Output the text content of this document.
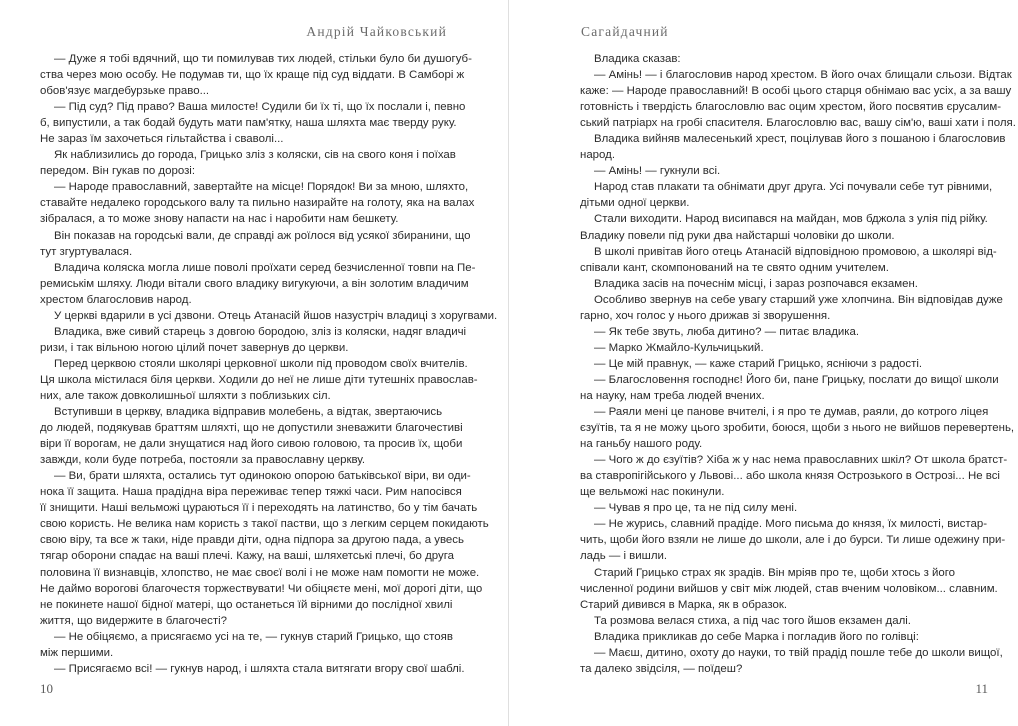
Андрій Чайковський
— Дуже я тобі вдячний, що ти помилував тих людей, стільки було би душогуб-
ства через мою особу. Не подумав ти, що їх краще під суд віддати. В Самборі ж
обов'язує магдебурзьке право...
— Під суд? Під право? Ваша милосте! Судили би їх ті, що їх послали і, певно
б, випустили, а так бодай будуть мати пам'ятку, наша шляхта має тверду руку.
Не зараз їм захочеться гільтайства і сваволі...
Як наблизились до города, Грицько зліз з коляски, сів на свого коня і поїхав
передом. Він гукав по дорозі:
— Народе православний, завертайте на місце! Порядок! Ви за мною, шляхто,
ставайте недалеко городського валу та пильно назирайте на голоту, яка на валах
зібралася, а то може знову напасти на нас і наробити нам бешкету.
Він показав на городські вали, де справді аж роїлося від усякої збиранини, що
тут згуртувалася.
Владича коляска могла лише поволі проїхати серед безчисленної товпи на Пе-
ремиськім шляху. Люди вітали свого владику вигукуючи, а він золотим владичим
хрестом благословив народ.
У церкві вдарили в усі дзвони. Отець Атанасій йшов назустріч владиці з хоругвами.
Владика, вже сивий старець з довгою бородою, зліз із коляски, надяг владичі
ризи, і так вільною ногою цілий почет завернув до церкви.
Перед церквою стояли школярі церковної школи під проводом своїх вчителів.
Ця школа містилася біля церкви. Ходили до неї не лише діти тутешніх православ-
них, але також довколишньої шляхти з поблизьких сіл.
Вступивши в церкву, владика відправив молебень, а відтак, звертаючись
до людей, подякував браттям шляхті, що не допустили зневажити благочестиві
віри її ворогам, не дали знущатися над його сивою головою, та просив їх, щоби
завжди, коли буде потреба, постояли за православну церкву.
— Ви, брати шляхта, остались тут одинокою опорою батьківської віри, ви оди-
нока її защита. Наша прадідна віра переживає тепер тяжкі часи. Рим напосівся
її знищити. Наші вельможі цураються її і переходять на латинство, бо у тім бачать
свою користь. Не велика нам користь з такої пастви, що з легким серцем покидають
свою віру, та все ж таки, ніде правди діти, одна підпора за другою пада, а увесь
тягар оборони спадає на ваші плечі. Кажу, на ваші, шляхетські плечі, бо друга
половина її визнавців, хлопство, не має своєї волі і не може нам помогти не може.
Не даймо ворогові благочестя торжествувати! Чи обіцяєте мені, мої дорогі діти, що
не покинете нашої бідної матері, що останеться їй вірними до послідної хвилі
життя, що видержите в благочесті?
— Не обіцяємо, а присягаємо усі на те, — гукнув старий Грицько, що стояв
між першими.
— Присягаємо всі! — гукнув народ, і шляхта стала витягати вгору свої шаблі.
10
Сагайдачний
Владика сказав:
— Амінь! — і благословив народ хрестом. В його очах блищали сльози. Відтак
каже: — Народе православний! В особі цього старця обнімаю вас усіх, а за вашу
готовність і твердість благословлю вас оцим хрестом, його посвятив єрусалим-
ський патріарх на гробі спасителя. Благословлю вас, вашу сім'ю, ваші хати і поля.
Владика вийняв малесенький хрест, поцілував його з пошаною і благословив
народ.
— Амінь! — гукнули всі.
Народ став плакати та обнімати друг друга. Усі почували себе тут рівними,
дітьми одної церкви.
Стали виходити. Народ висипався на майдан, мов бджола з улія під рійку.
Владику повели під руки два найстарші чоловіки до школи.
В школі привітав його отець Атанасій відповідною промовою, а школярі від-
співали кант, скомпонований на те свято одним учителем.
Владика засів на почеснім місці, і зараз розпочався екзамен.
Особливо звернув на себе увагу старший уже хлопчина. Він відповідав дуже
гарно, хоч голос у нього дрижав зі зворушення.
— Як тебе звуть, люба дитино? — питає владика.
— Марко Жмайло-Кульчицький.
— Це мій правнук, — каже старий Грицько, ясніючи з радості.
— Благословення господнє! Його би, пане Грицьку, послати до вищої школи
на науку, нам треба людей вчених.
— Раяли мені це панове вчителі, і я про те думав, раяли, до котрого ліцея
єзуїтів, та я не можу цього зробити, боюся, щоби з нього не вийшов перевертень,
на ганьбу нашого роду.
— Чого ж до єзуїтів? Хіба ж у нас нема православних шкіл? От школа братст-
ва ставропігійського у Львові... або школа князя Острозького в Острозі... Не всі
ще вельможі нас покинули.
— Чував я про це, та не під силу мені.
— Не журись, славний прадіде. Мого письма до князя, їх милості, вистар-
чить, щоби його взяли не лише до школи, але і до бурси. Ти лише одежину при-
ладь — і вишли.
Старий Грицько страх як зрадів. Він мріяв про те, щоби хтось з його
численної родини вийшов у світ між людей, став вченим чоловіком... славним.
Старий дивився в Марка, як в образок.
Та розмова велася стиха, а під час того йшов екзамен далі.
Владика прикликав до себе Марка і погладив його по голівці:
— Маєш, дитино, охоту до науки, то твій прадід пошле тебе до школи вищої,
та далеко звідсіля, — поїдеш?
11
